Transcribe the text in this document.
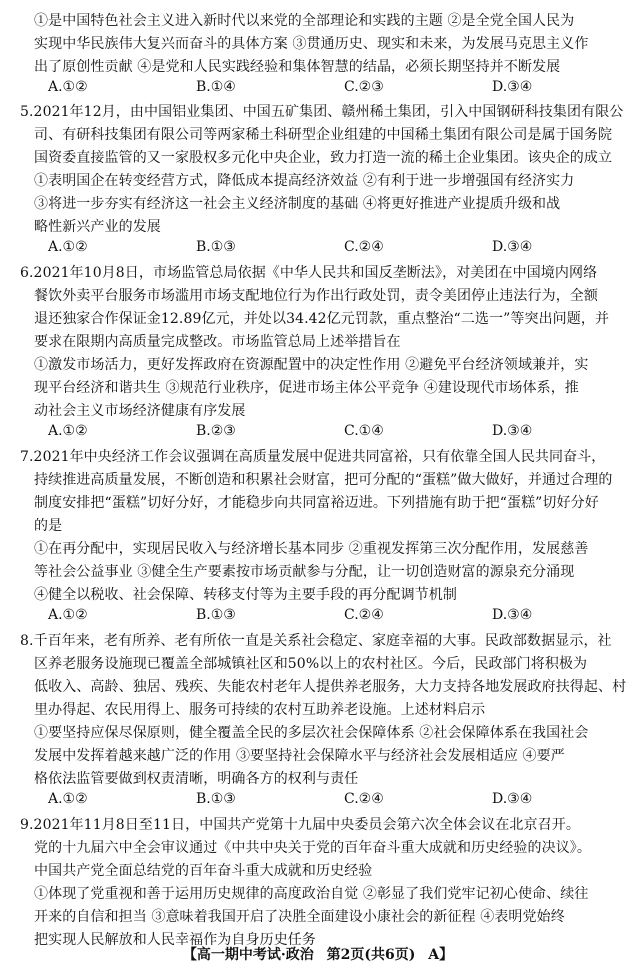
①是中国特色社会主义进入新时代以来党的全部理论和实践的主题 ②是全党全国人民为
实现中华民族伟大复兴而奋斗的具体方案 ③贯通历史、现实和未来，为发展马克思主义作
出了原创性贡献 ④是党和人民实践经验和集体智慧的结晶，必须长期坚持并不断发展
A.①②	B.①④	C.②③	D.③④
5.2021年12月，由中国铝业集团、中国五矿集团、赣州稀土集团，引入中国钢研科技集团有限公
司、有研科技集团有限公司等两家稀土科研型企业组建的中国稀土集团有限公司是属于国务院
国资委直接监管的又一家股权多元化中央企业，致力打造一流的稀土企业集团。该央企的成立
①表明国企在转变经营方式，降低成本提高经济效益 ②有利于进一步增强国有经济实力
③将进一步夯实有经济这一社会主义经济制度的基础 ④将更好推进产业提质升级和战
略性新兴产业的发展
A.①②	B.①③	C.②④	D.③④
6.2021年10月8日，市场监管总局依据《中华人民共和国反垄断法》，对美团在中国境内网络
餐饮外卖平台服务市场滥用市场支配地位行为作出行政处罚，责令美团停止违法行为，全额
退还独家合作保证金12.89亿元，并处以34.42亿元罚款，重点整治“二选一”等突出问题，并
要求在限期内高质量完成整改。市场监管总局上述举措旨在
①激发市场活力，更好发挥政府在资源配置中的决定性作用 ②避免平台经济领域兼并，实
现平台经济和谐共生 ③规范行业秩序，促进市场主体公平竞争 ④建设现代市场体系，推
动社会主义市场经济健康有序发展
A.①②	B.②③	C.①④	D.③④
7.2021年中央经济工作会议强调在高质量发展中促进共同富裕，只有依靠全国人民共同奋斗，
持续推进高质量发展，不断创造和积累社会财富，把可分配的“蛋糕”做大做好，并通过合理的
制度安排把“蛋糕”切好分好，才能稳步向共同富裕迈进。下列措施有助于把“蛋糕”切好分好
的是
①在再分配中，实现居民收入与经济增长基本同步 ②重视发挥第三次分配作用，发展慈善
等社会公益事业 ③健全生产要素按市场贡献参与分配，让一切创造财富的源泉充分涌现
④健全以税收、社会保障、转移支付等为主要手段的再分配调节机制
A.①②	B.①③	C.②④	D.③④
8.千百年来，老有所养、老有所依一直是关系社会稳定、家庭幸福的大事。民政部数据显示，社
区养老服务设施现已覆盖全部城镇社区和50%以上的农村社区。今后，民政部门将积极为
低收入、高龄、独居、残疾、失能农村老年人提供养老服务，大力支持各地发展政府扶得起、村
里办得起、农民用得上、服务可持续的农村互助养老设施。上述材料启示
①要坚持应保尽保原则，健全覆盖全民的多层次社会保障体系 ②社会保障体系在我国社会
发展中发挥着越来越广泛的作用 ③要坚持社会保障水平与经济社会发展相适应 ④要严
格依法监管要做到权责清晰，明确各方的权利与责任
A.①②	B.①③	C.②④	D.③④
9.2021年11月8日至11日，中国共产党第十九届中央委员会第六次全体会议在北京召开。
党的十九届六中全会审议通过《中共中央关于党的百年奋斗重大成就和历史经验的决议》。
中国共产党全面总结党的百年奋斗重大成就和历史经验
①体现了党重视和善于运用历史规律的高度政治自觉 ②彰显了我们党牢记初心使命、续往
开来的自信和担当 ③意味着我国开启了决胜全面建设小康社会的新征程 ④表明党始终
把实现人民解放和人民幸福作为自身历史任务
【高一期中考试·政治 第2页(共6页) A】
